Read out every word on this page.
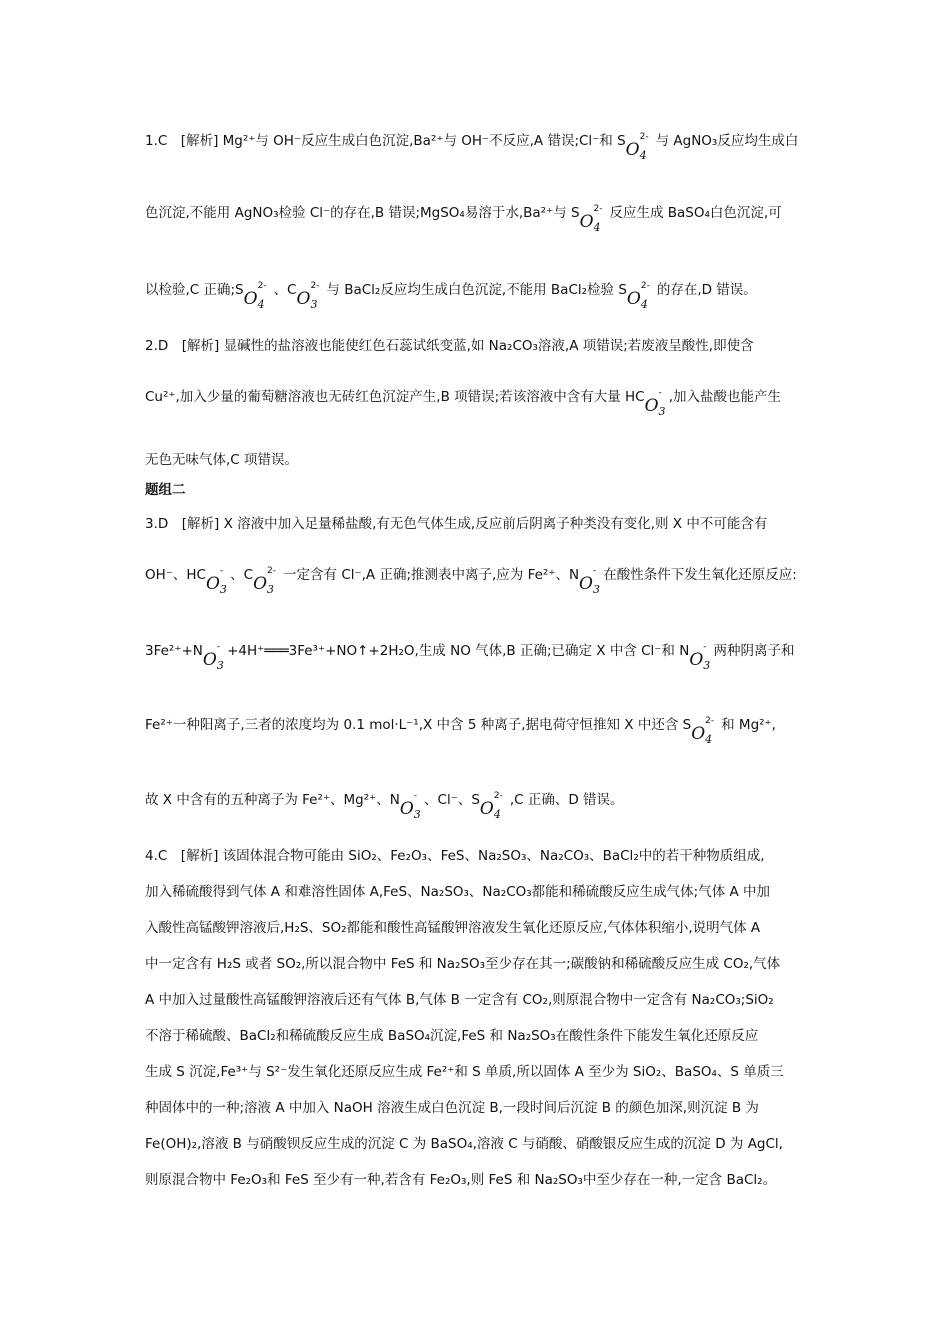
1.C　[解析] Mg²⁺与 OH⁻反应生成白色沉淀,Ba²⁺与 OH⁻不反应,A 错误;Cl⁻和 $SO_4^{2-}$ 与 AgNO₃反应均生成白
色沉淀,不能用 AgNO₃检验 Cl⁻的存在,B 错误;MgSO₄易溶于水,Ba²⁺与 $SO_4^{2-}$ 反应生成 BaSO₄白色沉淀,可
以检验,C 正确$;SO_4^{2-}$ 、$CO_3^{2-}$ 与 BaCl₂反应均生成白色沉淀,不能用 BaCl₂检验 $SO_4^{2-}$ 的存在,D 错误。
2.D　[解析] 显碱性的盐溶液也能使红色石蕊试纸变蓝,如 Na₂CO₃溶液,A 项错误;若废液呈酸性,即使含
Cu²⁺,加入少量的葡萄糖溶液也无砖红色沉淀产生,B 项错误;若该溶液中含有大量 $HCO_3^-$ ,加入盐酸也能产生
无色无味气体,C 项错误。
题组二
3.D　[解析] X 溶液中加入足量稀盐酸,有无色气体生成,反应前后阴离子种类没有变化,则 X 中不可能含有
OH⁻、$HCO_3^-$ 、$CO_3^{2-}$ 一定含有 Cl⁻,A 正确;推测表中离子,应为 Fe²⁺、$NO_3^-$ 在酸性条件下发生氧化还原反应:
$3Fe^{2+}+NO_3^-$ +4H⁺═══3Fe³⁺+NO↑+2H₂O,生成 NO 气体,B 正确;已确定 X 中含 Cl⁻和 $NO_3^-$ 两种阴离子和
Fe²⁺一种阳离子,三者的浓度均为 0.1 mol·L⁻¹,X 中含 5 种离子,据电荷守恒推知 X 中还含 $SO_4^{2-}$ 和 Mg²⁺,
故 X 中含有的五种离子为 Fe²⁺、Mg²⁺、$NO_3^-$ 、Cl⁻、$SO_4^{2-}$ ,C 正确、D 错误。
4.C　[解析] 该固体混合物可能由 SiO₂、Fe₂O₃、FeS、Na₂SO₃、Na₂CO₃、BaCl₂中的若干种物质组成,
加入稀硫酸得到气体 A 和难溶性固体 A,FeS、Na₂SO₃、Na₂CO₃都能和稀硫酸反应生成气体;气体 A 中加
入酸性高锰酸钾溶液后,H₂S、SO₂都能和酸性高锰酸钾溶液发生氧化还原反应,气体体积缩小,说明气体 A
中一定含有 H₂S 或者 SO₂,所以混合物中 FeS 和 Na₂SO₃至少存在其一;碳酸钠和稀硫酸反应生成 CO₂,气体
A 中加入过量酸性高锰酸钾溶液后还有气体 B,气体 B 一定含有 CO₂,则原混合物中一定含有 Na₂CO₃;SiO₂
不溶于稀硫酸、BaCl₂和稀硫酸反应生成 BaSO₄沉淀,FeS 和 Na₂SO₃在酸性条件下能发生氧化还原反应
生成 S 沉淀,Fe³⁺与 S²⁻发生氧化还原反应生成 Fe²⁺和 S 单质,所以固体 A 至少为 SiO₂、BaSO₄、S 单质三
种固体中的一种;溶液 A 中加入 NaOH 溶液生成白色沉淀 B,一段时间后沉淀 B 的颜色加深,则沉淀 B 为
Fe(OH)₂,溶液 B 与硝酸钡反应生成的沉淀 C 为 BaSO₄,溶液 C 与硝酸、硝酸银反应生成的沉淀 D 为 AgCl,
则原混合物中 Fe₂O₃和 FeS 至少有一种,若含有 Fe₂O₃,则 FeS 和 Na₂SO₃中至少存在一种,一定含 BaCl₂。
